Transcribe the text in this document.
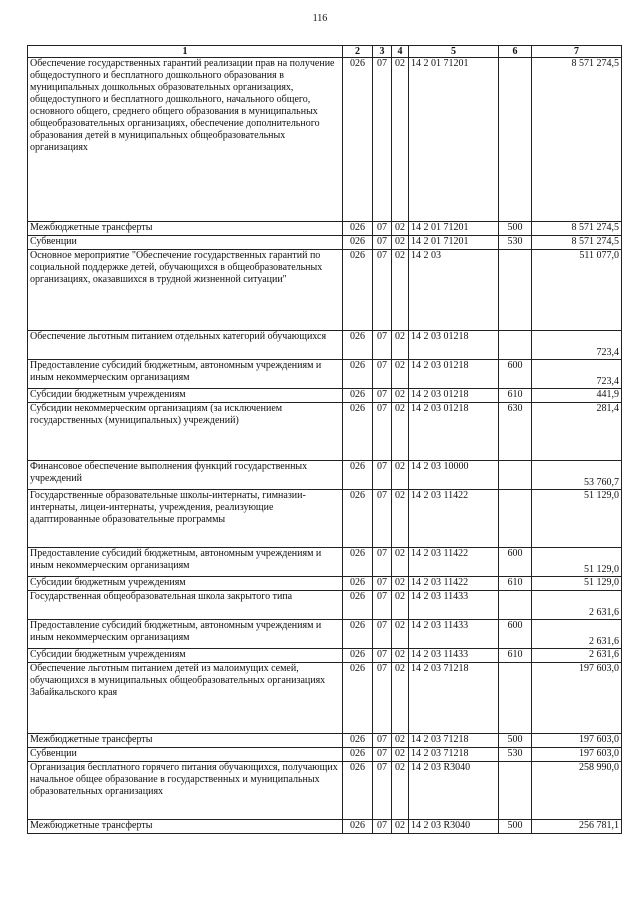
116
1	2	3	4	5	6	7
Обеспечение государственных гарантий реализации прав на получение общедоступного и бесплатного дошкольного образования в муниципальных дошкольных образовательных организациях, общедоступного и бесплатного дошкольного, начального общего, основного общего, среднего общего образования в муниципальных общеобразовательных организациях, обеспечение дополнительного образования детей в муниципальных общеобразовательных организациях	026	07	02	14 2 01 71201		8 571 274,5
Межбюджетные трансферты	026	07	02	14 2 01 71201	500	8 571 274,5
Субвенции	026	07	02	14 2 01 71201	530	8 571 274,5
Основное мероприятие "Обеспечение государственных гарантий по социальной поддержке детей, обучающихся в общеобразовательных организациях, оказавшихся в трудной жизненной ситуации"	026	07	02	14 2 03		511 077,0
Обеспечение льготным питанием отдельных категорий обучающихся	026	07	02	14 2 03 01218		723,4
Предоставление субсидий бюджетным, автономным учреждениям и иным некоммерческим организациям	026	07	02	14 2 03 01218	600	723,4
Субсидии бюджетным учреждениям	026	07	02	14 2 03 01218	610	441,9
Субсидии некоммерческим организациям (за исключением государственных (муниципальных) учреждений)	026	07	02	14 2 03 01218	630	281,4
Финансовое обеспечение выполнения функций государственных учреждений	026	07	02	14 2 03 10000		53 760,7
Государственные образовательные школы-интернаты, гимназии-интернаты, лицеи-интернаты, учреждения, реализующие адаптированные образовательные программы	026	07	02	14 2 03 11422		51 129,0
Предоставление субсидий бюджетным, автономным учреждениям и иным некоммерческим организациям	026	07	02	14 2 03 11422	600	51 129,0
Субсидии бюджетным учреждениям	026	07	02	14 2 03 11422	610	51 129,0
Государственная общеобразовательная школа закрытого типа	026	07	02	14 2 03 11433		2 631,6
Предоставление субсидий бюджетным, автономным учреждениям и иным некоммерческим организациям	026	07	02	14 2 03 11433	600	2 631,6
Субсидии бюджетным учреждениям	026	07	02	14 2 03 11433	610	2 631,6
Обеспечение льготным питанием детей из малоимущих семей, обучающихся в муниципальных общеобразовательных организациях Забайкальского края	026	07	02	14 2 03 71218		197 603,0
Межбюджетные трансферты	026	07	02	14 2 03 71218	500	197 603,0
Субвенции	026	07	02	14 2 03 71218	530	197 603,0
Организация бесплатного горячего питания обучающихся, получающих начальное общее образование в государственных и муниципальных образовательных организациях	026	07	02	14 2 03 R3040		258 990,0
Межбюджетные трансферты	026	07	02	14 2 03 R3040	500	256 781,1
